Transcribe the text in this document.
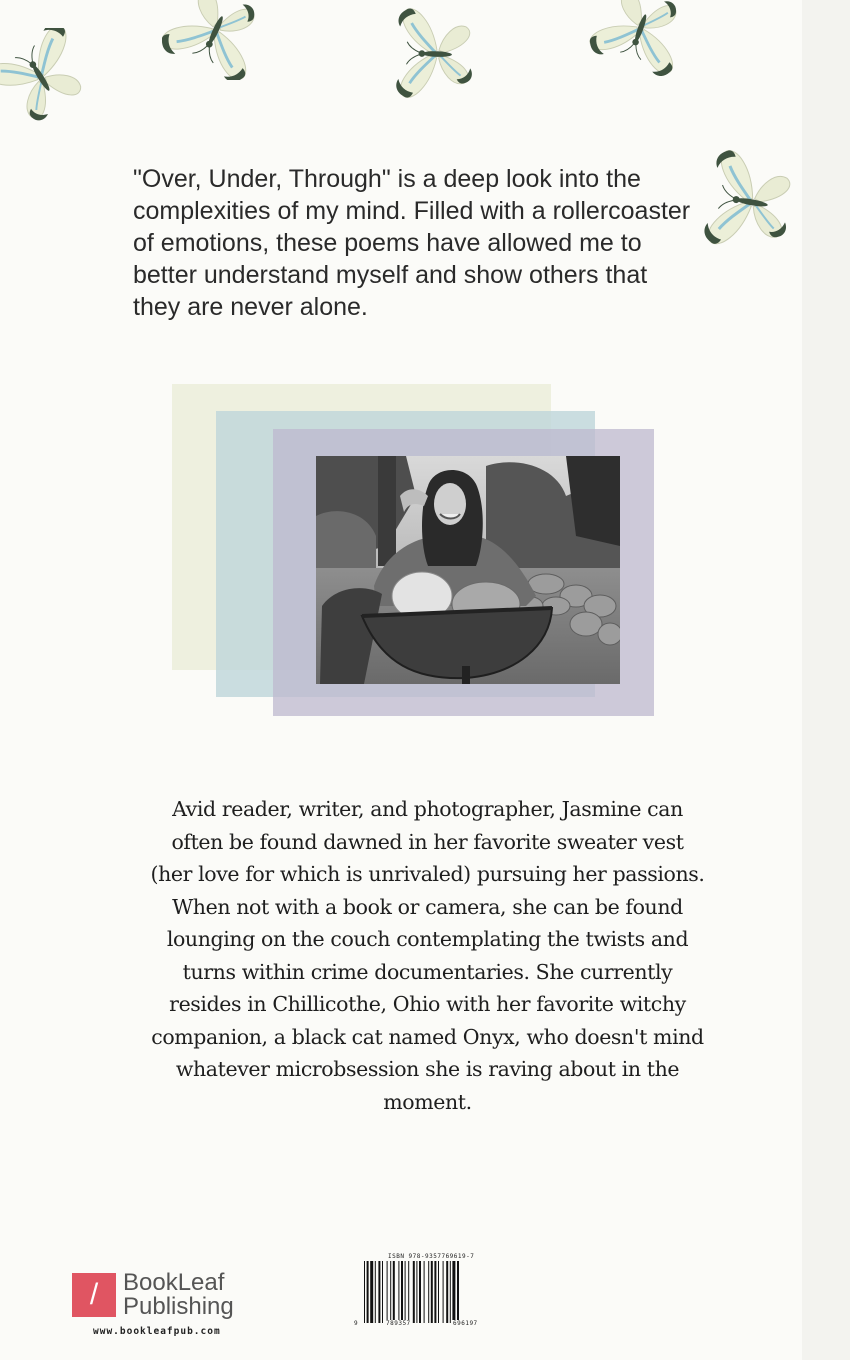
"Over, Under, Through" is a deep look into the complexities of my mind. Filled with a rollercoaster of emotions, these poems have allowed me to better understand myself and show others that they are never alone.
Avid reader, writer, and photographer, Jasmine can often be found dawned in her favorite sweater vest (her love for which is unrivaled) pursuing her passions. When not with a book or camera, she can be found lounging on the couch contemplating the twists and turns within crime documentaries. She currently resides in Chillicothe, Ohio with her favorite witchy companion, a black cat named Onyx, who doesn't mind whatever microbsession she is raving about in the moment.
/	BookLeaf
Publishing
www.bookleafpub.com
ISBN 978-9357769619-7
9	789357	696197
